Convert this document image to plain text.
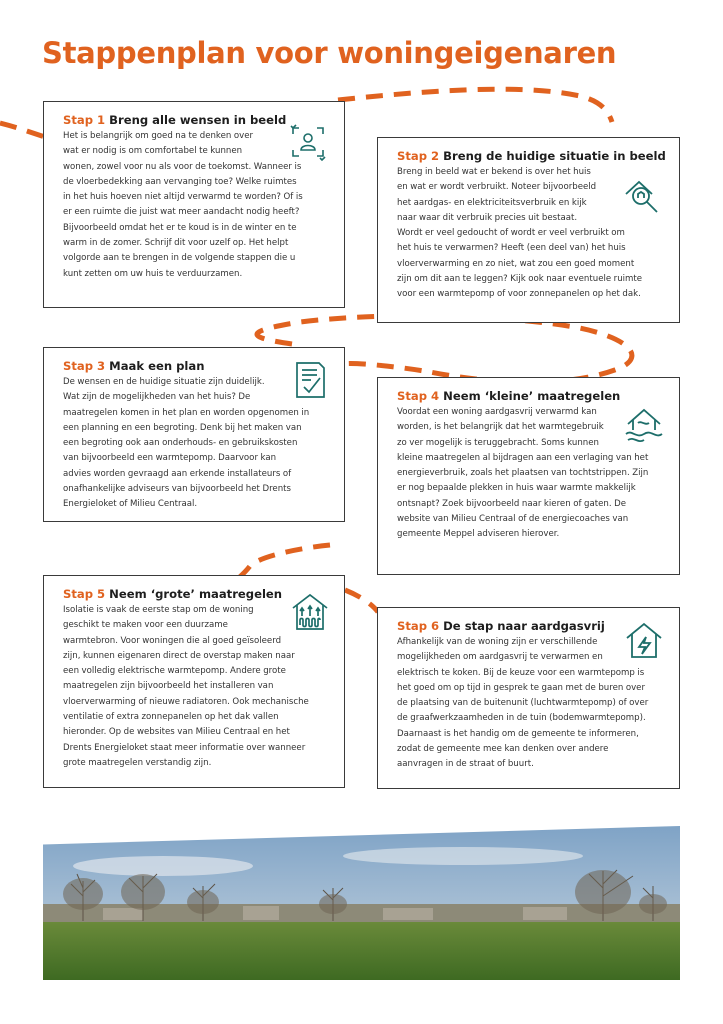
Stappenplan voor woningeigenaren
Stap 1 Breng alle wensen in beeld
Het is belangrijk om goed na te denken over
wat er nodig is om comfortabel te kunnen
wonen, zowel voor nu als voor de toekomst. Wanneer is
de vloerbedekking aan vervanging toe? Welke ruimtes
in het huis hoeven niet altijd verwarmd te worden? Of is
er een ruimte die juist wat meer aandacht nodig heeft?
Bijvoorbeeld omdat het er te koud is in de winter en te
warm in de zomer. Schrijf dit voor uzelf op. Het helpt
volgorde aan te brengen in de volgende stappen die u
kunt zetten om uw huis te verduurzamen.
Stap 2 Breng de huidige situatie in beeld
Breng in beeld wat er bekend is over het huis
en wat er wordt verbruikt. Noteer bijvoorbeeld
het aardgas- en elektriciteitsverbruik en kijk
naar waar dit verbruik precies uit bestaat.
Wordt er veel gedoucht of wordt er veel verbruikt om
het huis te verwarmen? Heeft (een deel van) het huis
vloerverwarming en zo niet, wat zou een goed moment
zijn om dit aan te leggen? Kijk ook naar eventuele ruimte
voor een warmtepomp of voor zonnepanelen op het dak.
Stap 3 Maak een plan
De wensen en de huidige situatie zijn duidelijk.
Wat zijn de mogelijkheden van het huis? De
maatregelen komen in het plan en worden opgenomen in
een planning en een begroting. Denk bij het maken van
een begroting ook aan onderhouds- en gebruikskosten
van bijvoorbeeld een warmtepomp. Daarvoor kan
advies worden gevraagd aan erkende installateurs of
onafhankelijke adviseurs van bijvoorbeeld het Drents
Energieloket of Milieu Centraal.
Stap 4 Neem ‘kleine’ maatregelen
Voordat een woning aardgasvrij verwarmd kan
worden, is het belangrijk dat het warmtegebruik
zo ver mogelijk is teruggebracht. Soms kunnen
kleine maatregelen al bijdragen aan een verlaging van het
energieverbruik, zoals het plaatsen van tochtstrippen. Zijn
er nog bepaalde plekken in huis waar warmte makkelijk
ontsnapt? Zoek bijvoorbeeld naar kieren of gaten. De
website van Milieu Centraal of de energiecoaches van
gemeente Meppel adviseren hierover.
Stap 5 Neem ‘grote’ maatregelen
Isolatie is vaak de eerste stap om de woning
geschikt te maken voor een duurzame
warmtebron. Voor woningen die al goed geïsoleerd
zijn, kunnen eigenaren direct de overstap maken naar
een volledig elektrische warmtepomp. Andere grote
maatregelen zijn bijvoorbeeld het installeren van
vloerverwarming of nieuwe radiatoren. Ook mechanische
ventilatie of extra zonnepanelen op het dak vallen
hieronder. Op de websites van Milieu Centraal en het
Drents Energieloket staat meer informatie over wanneer
grote maatregelen verstandig zijn.
Stap 6 De stap naar aardgasvrij
Afhankelijk van de woning zijn er verschillende
mogelijkheden om aardgasvrij te verwarmen en
elektrisch te koken. Bij de keuze voor een warmtepomp is
het goed om op tijd in gesprek te gaan met de buren over
de plaatsing van de buitenunit (luchtwarmtepomp) of over
de graafwerkzaamheden in de tuin (bodemwarmtepomp).
Daarnaast is het handig om de gemeente te informeren,
zodat de gemeente mee kan denken over andere
aanvragen in de straat of buurt.
